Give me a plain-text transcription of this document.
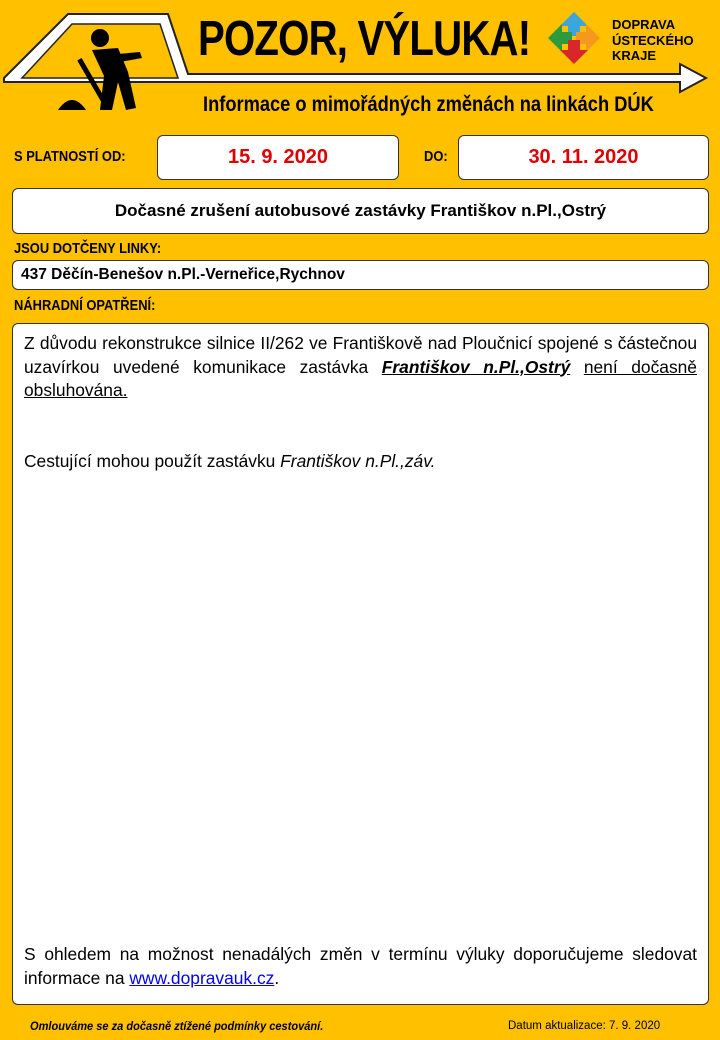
POZOR, VÝLUKA!	DOPRAVA
ÚSTECKÉHO
KRAJE
Informace o mimořádných změnách na linkách DÚK
S PLATNOSTÍ OD:	15. 9. 2020	DO:	30. 11. 2020
Dočasné zrušení autobusové zastávky Františkov n.Pl.,Ostrý
JSOU DOTČENY LINKY:
437 Děčín-Benešov n.Pl.-Verneřice,Rychnov
NÁHRADNÍ OPATŘENÍ:

Z důvodu rekonstrukce silnice II/262 ve Františkově nad Ploučnicí spojené s částečnou uzavírkou uvedené komunikace zastávka Františkov n.Pl.,Ostrý není dočasně obsluhována.

Cestující mohou použít zastávku Františkov n.Pl.,záv.

S ohledem na možnost nenadálých změn v termínu výluky doporučujeme sledovat informace na www.dopravauk.cz.

Omlouváme se za dočasně ztížené podmínky cestování.	Datum aktualizace: 7. 9. 2020
